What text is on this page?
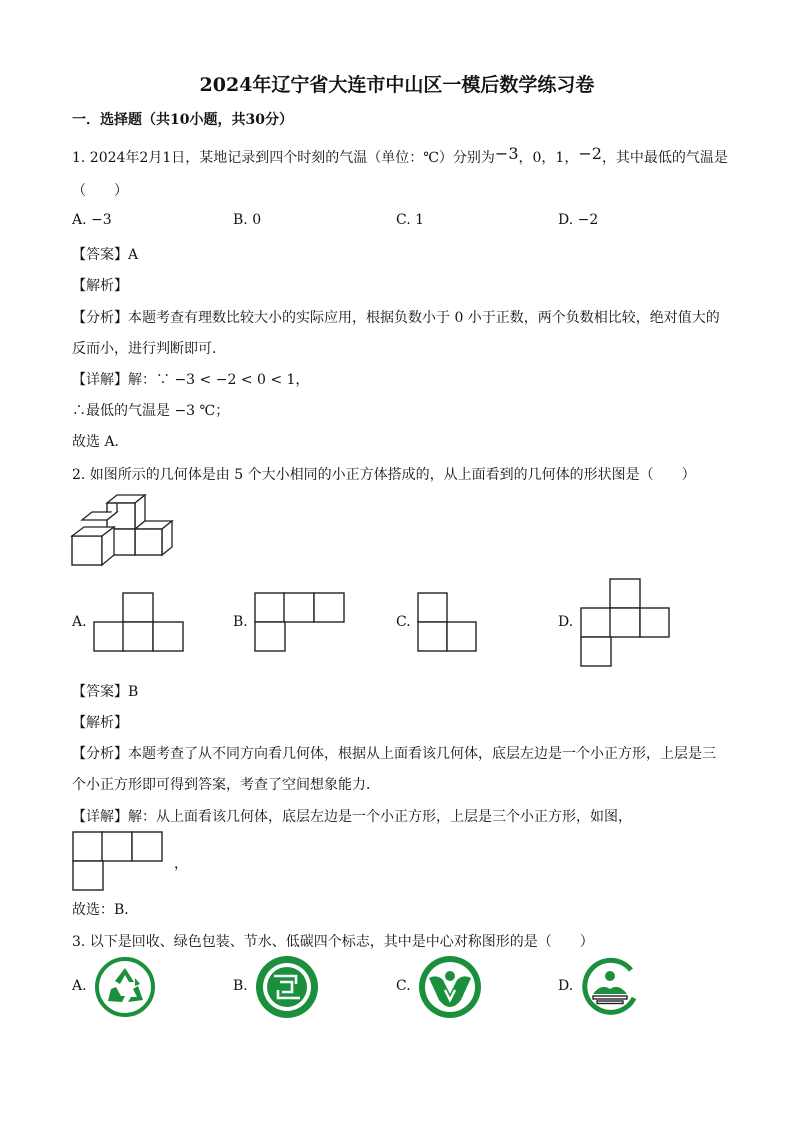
2024年辽宁省大连市中山区一模后数学练习卷
一．选择题（共10小题，共30分）
1. 2024年2月1日，某地记录到四个时刻的气温（单位：℃）分别为−3，0，1，−2，其中最低的气温是
（　　）
A. −3	B. 0	C. 1	D. −2
【答案】A
【解析】
【分析】本题考查有理数比较大小的实际应用，根据负数小于 0 小于正数，两个负数相比较，绝对值大的
反而小，进行判断即可．
【详解】解：∵ −3 < −2 < 0 < 1，
∴最低的气温是 −3 ℃；
故选 A．
2. 如图所示的几何体是由 5 个大小相同的小正方体搭成的，从上面看到的几何体的形状图是（　　）
A.	B.	C.	D.
【答案】B
【解析】
【分析】本题考查了从不同方向看几何体，根据从上面看该几何体，底层左边是一个小正方形，上层是三
个小正方形即可得到答案，考查了空间想象能力．
【详解】解：从上面看该几何体，底层左边是一个小正方形，上层是三个小正方形，如图，
，
故选：B．
3. 以下是回收、绿色包装、节水、低碳四个标志，其中是中心对称图形的是（　　）
A.	B.	C.	D.
